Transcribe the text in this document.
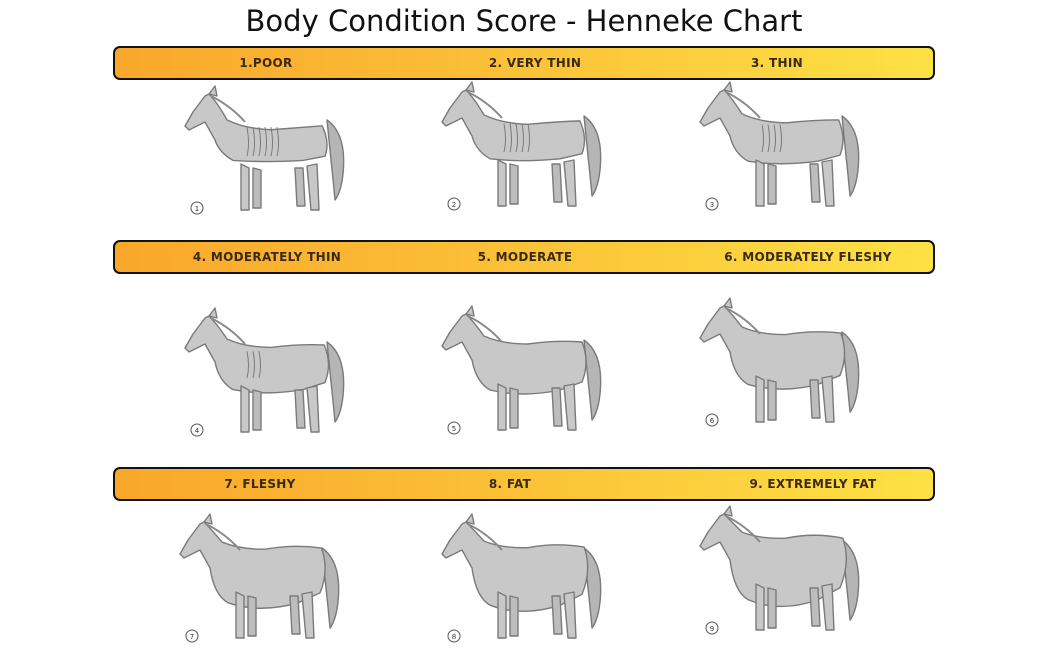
Body Condition Score - Henneke Chart
1.POOR	2. VERY THIN	3. THIN
1	2	3
4. MODERATELY THIN	5. MODERATE	6. MODERATELY FLESHY
4	5
6
7. FLESHY	8. FAT	9. EXTREMELY FAT
7	8
9
